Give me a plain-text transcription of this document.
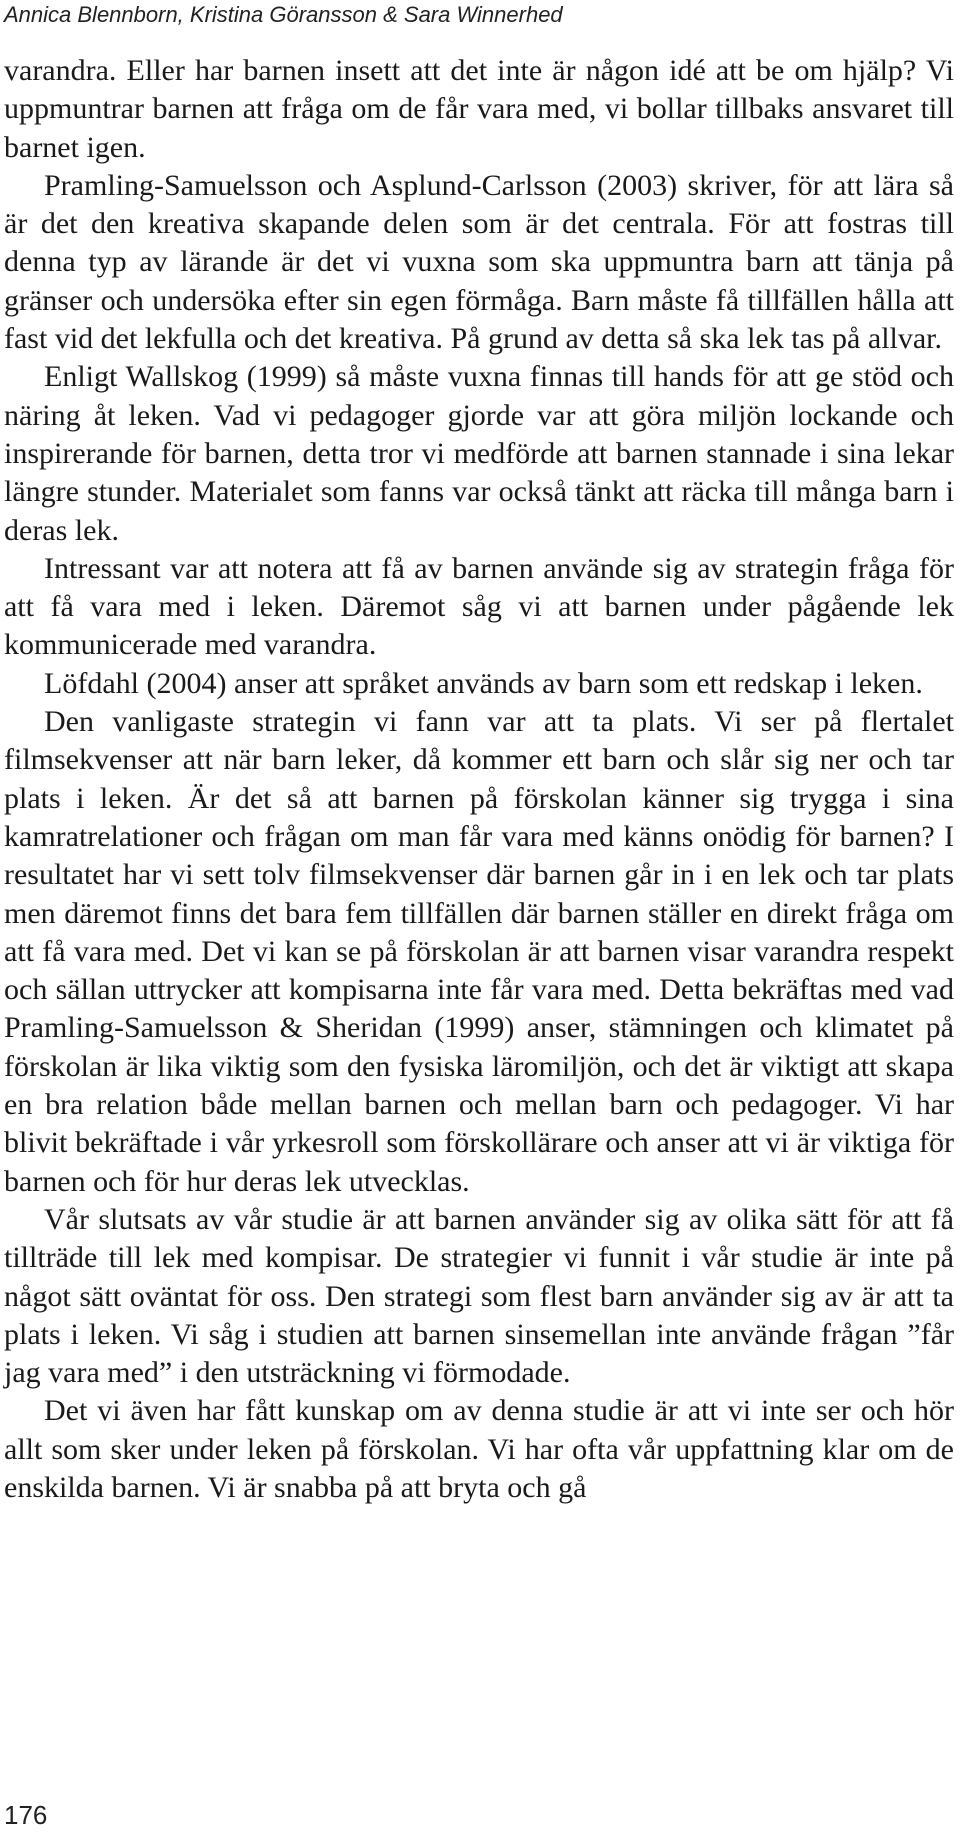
Annica Blennborn, Kristina Göransson & Sara Winnerhed

varandra. Eller har barnen insett att det inte är någon idé att be om hjälp? Vi uppmuntrar barnen att fråga om de får vara med, vi bollar tillbaks ansvaret till barnet igen.

Pramling-Samuelsson och Asplund-Carlsson (2003) skriver, för att lära så är det den kreativa skapande delen som är det centrala. För att fostras till denna typ av lärande är det vi vuxna som ska uppmuntra barn att tänja på gränser och undersöka efter sin egen förmåga. Barn måste få tillfällen hålla att fast vid det lekfulla och det kreativa. På grund av detta så ska lek tas på allvar.

Enligt Wallskog (1999) så måste vuxna finnas till hands för att ge stöd och näring åt leken. Vad vi pedagoger gjorde var att göra miljön lockande och inspirerande för barnen, detta tror vi medförde att barnen stannade i sina lekar längre stunder. Materialet som fanns var också tänkt att räcka till många barn i deras lek.

Intressant var att notera att få av barnen använde sig av strategin fråga för att få vara med i leken. Däremot såg vi att barnen under pågående lek kommunicerade med varandra.

Löfdahl (2004) anser att språket används av barn som ett redskap i leken.

Den vanligaste strategin vi fann var att ta plats. Vi ser på flertalet filmsekvenser att när barn leker, då kommer ett barn och slår sig ner och tar plats i leken. Är det så att barnen på förskolan känner sig trygga i sina kamratrelationer och frågan om man får vara med känns onödig för barnen? I resultatet har vi sett tolv filmsekvenser där barnen går in i en lek och tar plats men däremot finns det bara fem tillfällen där barnen ställer en direkt fråga om att få vara med. Det vi kan se på förskolan är att barnen visar varandra respekt och sällan uttrycker att kompisarna inte får vara med. Detta bekräftas med vad Pramling-Samuelsson & Sheridan (1999) anser, stämningen och klimatet på förskolan är lika viktig som den fysiska läromiljön, och det är viktigt att skapa en bra relation både mellan barnen och mellan barn och pedagoger. Vi har blivit bekräftade i vår yrkesroll som förskollärare och anser att vi är viktiga för barnen och för hur deras lek utvecklas.

Vår slutsats av vår studie är att barnen använder sig av olika sätt för att få tillträde till lek med kompisar. De strategier vi funnit i vår studie är inte på något sätt oväntat för oss. Den strategi som flest barn använder sig av är att ta plats i leken. Vi såg i studien att barnen sinsemellan inte använde frågan ”får jag vara med” i den utsträckning vi förmodade.

Det vi även har fått kunskap om av denna studie är att vi inte ser och hör allt som sker under leken på förskolan. Vi har ofta vår uppfattning klar om de enskilda barnen. Vi är snabba på att bryta och gå

176
